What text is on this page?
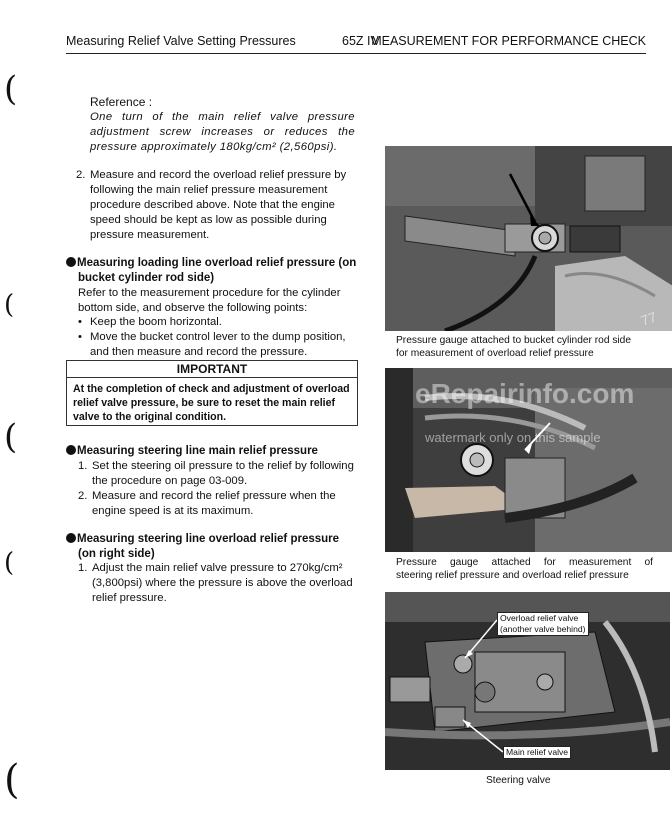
Measuring Relief Valve Setting Pressures	65Z IV
MEASUREMENT FOR PERFORMANCE CHECK
(
(
(
(
(
Reference :
One turn of the main relief valve pressure
adjustment screw increases or reduces the
pressure approximately 180kg/cm² (2,560psi).
2. Measure and record the overload relief pressure by
following the main relief pressure measurement
procedure described above. Note that the engine
speed should be kept as low as possible during
pressure measurement.
Measuring loading line overload relief pressure (on
bucket cylinder rod side)
Refer to the measurement procedure for the cylinder
bottom side, and observe the following points:
• Keep the boom horizontal.
• Move the bucket control lever to the dump position,
and then measure and record the pressure.
IMPORTANT
At the completion of check and adjustment of overload
relief valve pressure, be sure to reset the main relief
valve to the original condition.
Measuring steering line main relief pressure
1. Set the steering oil pressure to the relief by following
the procedure on page 03-009.
2. Measure and record the relief pressure when the
engine speed is at its maximum.
Measuring steering line overload relief pressure
(on right side)
1. Adjust the main relief valve pressure to 270kg/cm²
(3,800psi) where the pressure is above the overload
relief pressure.
77
Pressure gauge attached to bucket cylinder rod side
for measurement of overload relief pressure
eRepairinfo.com
watermark only on this sample
Pressure gauge attached for measurement of
steering relief pressure and overload relief pressure
Overload relief valve
(another valve behind)
Main relief valve
Steering valve
